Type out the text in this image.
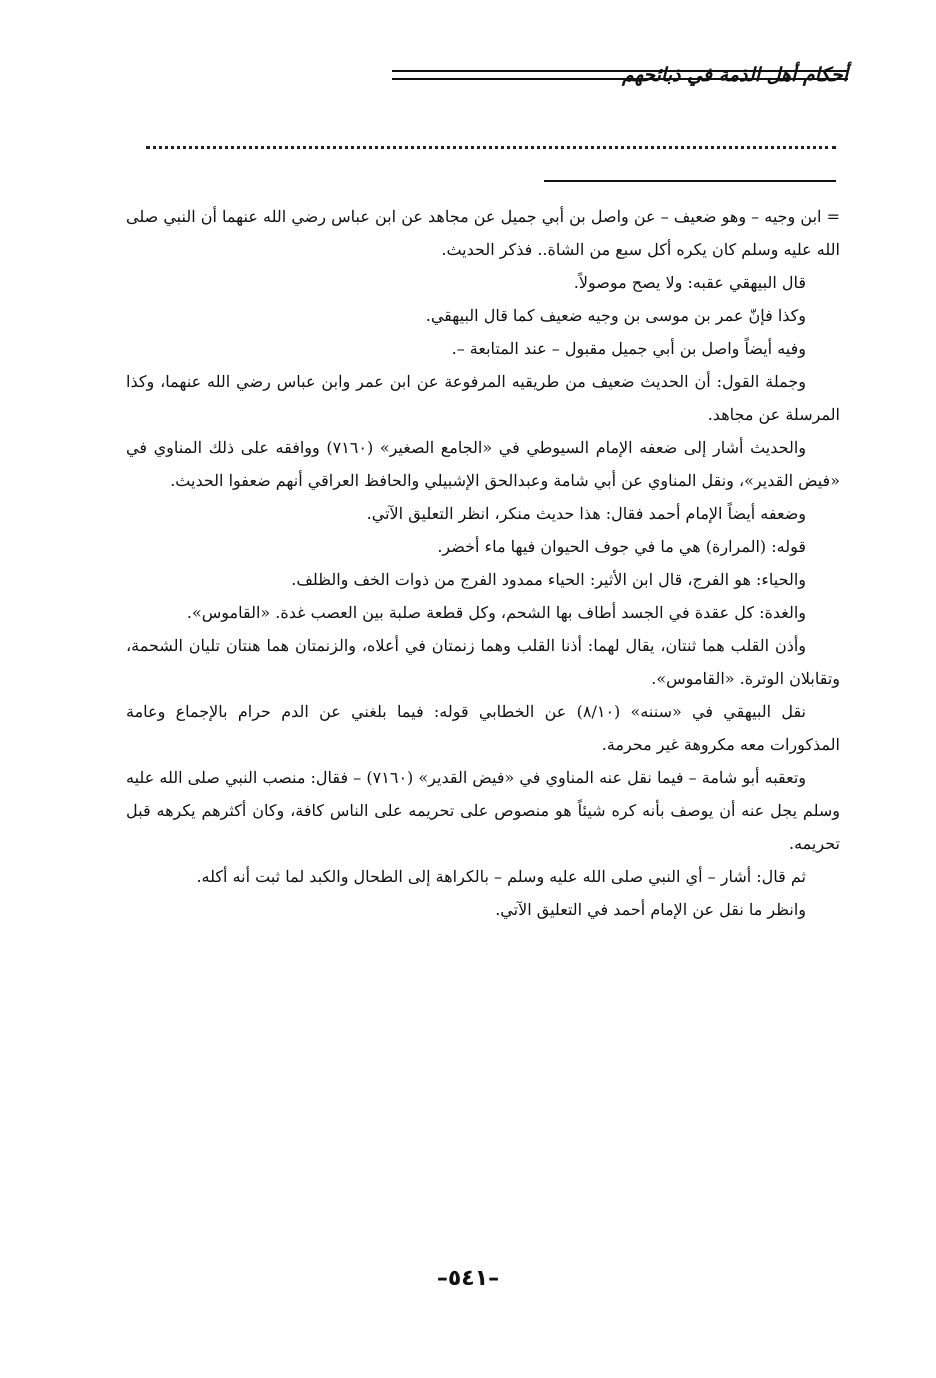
أحكام أهل الذمة في ذبائحهم

= ابن وجيه – وهو ضعيف – عن واصل بن أبي جميل عن مجاهد عن ابن عباس رضي الله عنهما أن النبي صلى الله عليه وسلم كان يكره أكل سبع من الشاة.. فذكر الحديث.

قال البيهقي عقبه: ولا يصح موصولاً.

وكذا فإنّ عمر بن موسى بن وجيه ضعيف كما قال البيهقي.

وفيه أيضاً واصل بن أبي جميل مقبول – عند المتابعة –.

وجملة القول: أن الحديث ضعيف من طريقيه المرفوعة عن ابن عمر وابن عباس رضي الله عنهما، وكذا المرسلة عن مجاهد.

والحديث أشار إلى ضعفه الإمام السيوطي في «الجامع الصغير» (٧١٦٠) ووافقه على ذلك المناوي في «فيض القدير»، ونقل المناوي عن أبي شامة وعبدالحق الإشبيلي والحافظ العراقي أنهم ضعفوا الحديث.

وضعفه أيضاً الإمام أحمد فقال: هذا حديث منكر، انظر التعليق الآتي.

قوله: (المرارة) هي ما في جوف الحيوان فيها ماء أخضر.

والحياء: هو الفرج، قال ابن الأثير: الحياء ممدود الفرج من ذوات الخف والظلف.

والغدة: كل عقدة في الجسد أطاف بها الشحم، وكل قطعة صلبة بين العصب غدة. «القاموس».

وأذن القلب هما ثنتان، يقال لهما: أذنا القلب وهما زنمتان في أعلاه، والزنمتان هما هنتان تليان الشحمة، وتقابلان الوترة. «القاموس».

نقل البيهقي في «سننه» (٨/١٠) عن الخطابي قوله: فيما بلغني عن الدم حرام بالإجماع وعامة المذكورات معه مكروهة غير محرمة.

وتعقبه أبو شامة – فيما نقل عنه المناوي في «فيض القدير» (٧١٦٠) – فقال: منصب النبي صلى الله عليه وسلم يجل عنه أن يوصف بأنه كره شيئاً هو منصوص على تحريمه على الناس كافة، وكان أكثرهم يكرهه قبل تحريمه.

ثم قال: أشار – أي النبي صلى الله عليه وسلم – بالكراهة إلى الطحال والكبد لما ثبت أنه أكله.

وانظر ما نقل عن الإمام أحمد في التعليق الآتي.

–٥٤١–
